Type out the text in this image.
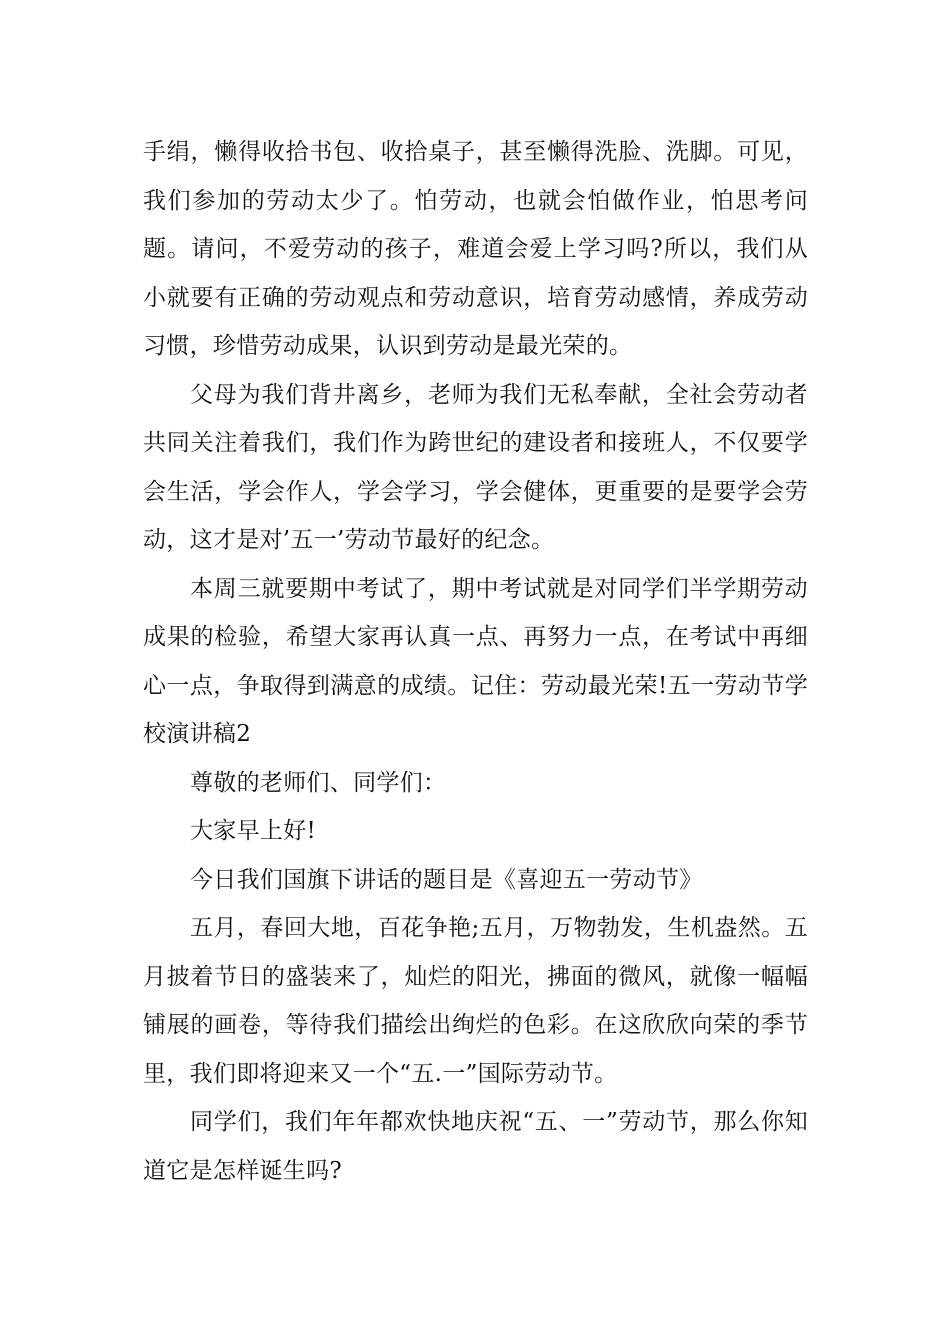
手绢，懒得收拾书包、收拾桌子，甚至懒得洗脸、洗脚。可见，我们参加的劳动太少了。怕劳动，也就会怕做作业，怕思考问题。请问，不爱劳动的孩子，难道会爱上学习吗?所以，我们从小就要有正确的劳动观点和劳动意识，培育劳动感情，养成劳动习惯，珍惜劳动成果，认识到劳动是最光荣的。

父母为我们背井离乡，老师为我们无私奉献，全社会劳动者共同关注着我们，我们作为跨世纪的建设者和接班人，不仅要学会生活，学会作人，学会学习，学会健体，更重要的是要学会劳动，这才是对’五一’劳动节最好的纪念。

本周三就要期中考试了，期中考试就是对同学们半学期劳动成果的检验，希望大家再认真一点、再努力一点，在考试中再细心一点，争取得到满意的成绩。记住：劳动最光荣!五一劳动节学校演讲稿2

尊敬的老师们、同学们：

大家早上好!

今日我们国旗下讲话的题目是《喜迎五一劳动节》

五月，春回大地，百花争艳;五月，万物勃发，生机盎然。五月披着节日的盛装来了，灿烂的阳光，拂面的微风，就像一幅幅铺展的画卷，等待我们描绘出绚烂的色彩。在这欣欣向荣的季节里，我们即将迎来又一个“五.一”国际劳动节。

同学们，我们年年都欢快地庆祝“五、一”劳动节，那么你知道它是怎样诞生吗?
